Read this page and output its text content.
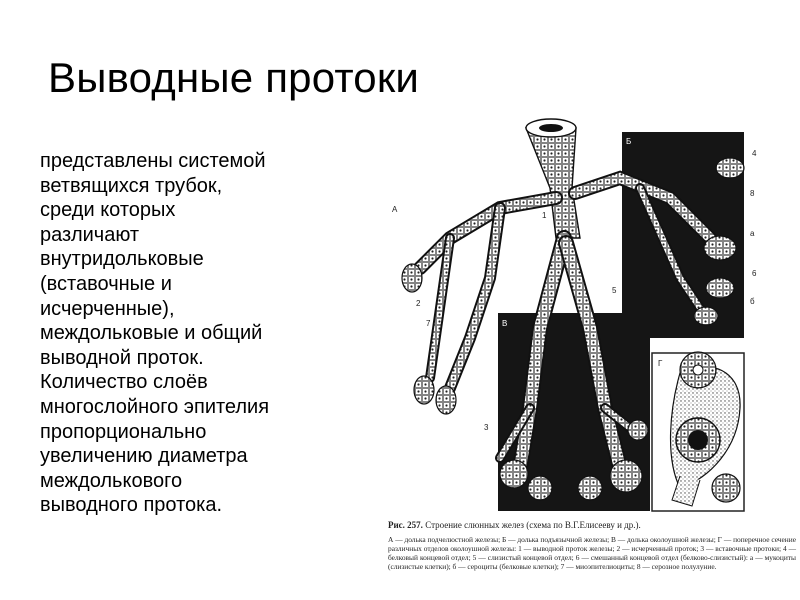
Выводные протоки
представлены системой
ветвящихся трубок,
среди которых
различают
внутридольковые
(вставочные и
исчерченные),
междольковые и общий
выводной проток.
Количество слоёв
многослойного эпителия
пропорционально
увеличению диаметра
междолькового
выводного протока.
А
Б
Г
В
1
2
3
4
5
6
7
8
а
б

Рис. 257. Строение слюнных желез (схема по В.Г.Елисееву и др.).

А — долька подчелюстной железы; Б — долька подъязычной железы; В — долька околоушной железы; Г — поперечное сечение различных отделов околоушной железы: 1 — выводной проток железы; 2 — исчерченный проток; 3 — вставочные протоки; 4 — белковый концевой отдел; 5 — слизистый концевой отдел; 6 — смешанный концевой отдел (белково-слизистый): а — мукоциты (слизистые клетки); б — сероциты (белковые клетки); 7 — миоэпителиоциты; 8 — серозное полулуние.
